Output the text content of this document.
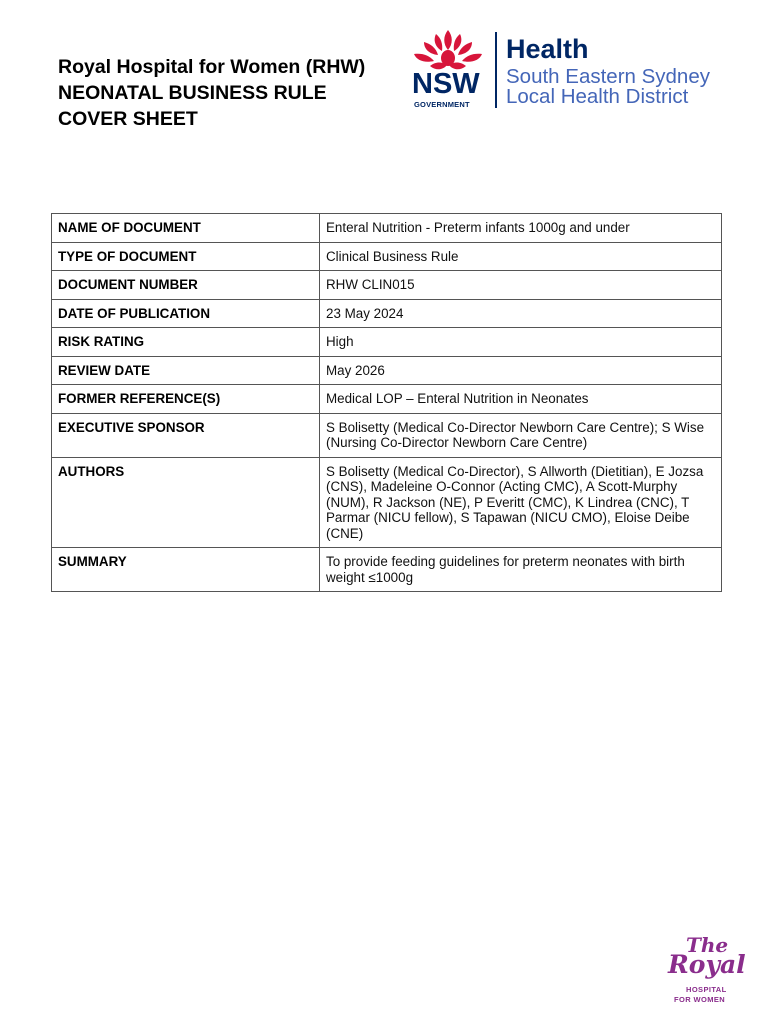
Royal Hospital for Women (RHW)
NEONATAL BUSINESS RULE
COVER SHEET
NSW
GOVERNMENT
Health
South Eastern Sydney
Local Health District
NAME OF DOCUMENT	Enteral Nutrition - Preterm infants 1000g and under
TYPE OF DOCUMENT	Clinical Business Rule
DOCUMENT NUMBER	RHW CLIN015
DATE OF PUBLICATION	23 May 2024
RISK RATING	High
REVIEW DATE	May 2026
FORMER REFERENCE(S)	Medical LOP – Enteral Nutrition in Neonates
EXECUTIVE SPONSOR	S Bolisetty (Medical Co-Director Newborn Care Centre); S Wise (Nursing Co-Director Newborn Care Centre)
AUTHORS	S Bolisetty (Medical Co-Director), S Allworth (Dietitian), E Jozsa (CNS), Madeleine O-Connor (Acting CMC), A Scott-Murphy (NUM), R Jackson (NE), P Everitt (CMC), K Lindrea (CNC), T Parmar (NICU fellow), S Tapawan (NICU CMO), Eloise Deibe (CNE)
SUMMARY	To provide feeding guidelines for preterm neonates with birth weight ≤1000g
The
Royal
HOSPITAL
FOR WOMEN
